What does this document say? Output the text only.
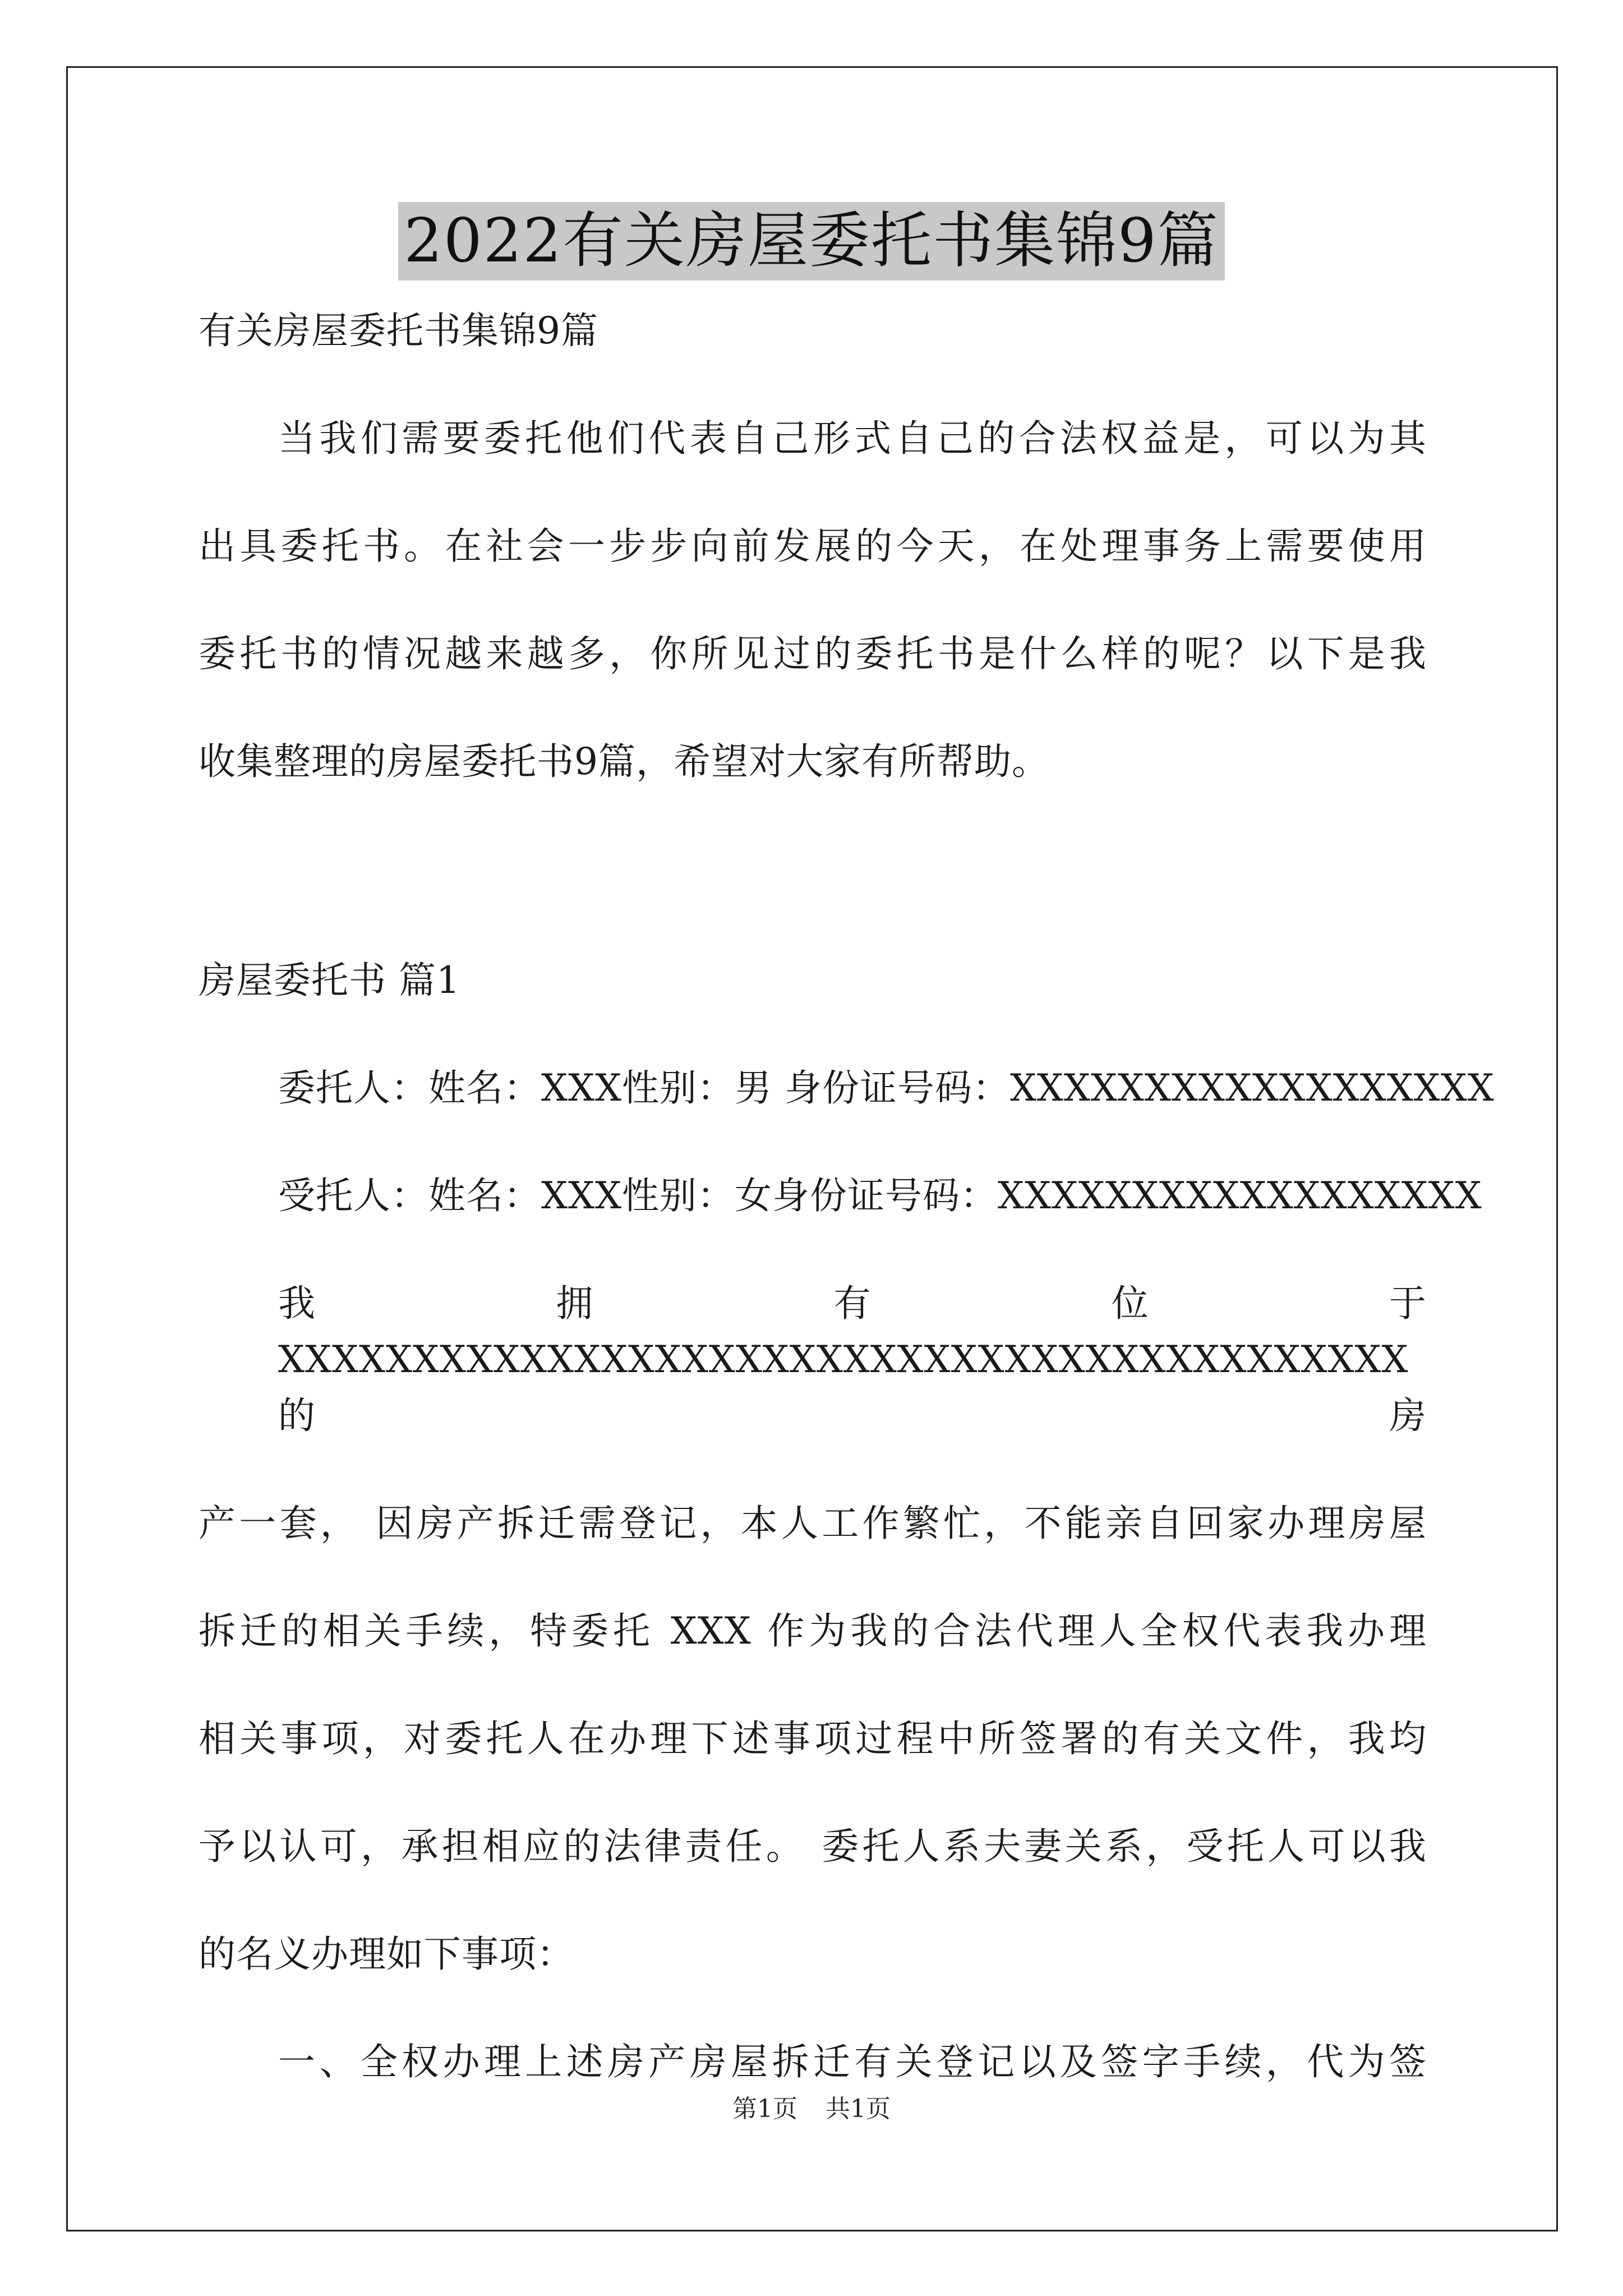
2022有关房屋委托书集锦9篇

有关房屋委托书集锦9篇

当我们需要委托他们代表自己形式自己的合法权益是，可以为其

出具委托书。在社会一步步向前发展的今天，在处理事务上需要使用

委托书的情况越来越多，你所见过的委托书是什么样的呢？以下是我

收集整理的房屋委托书9篇，希望对大家有所帮助。

房屋委托书 篇1

委托人：姓名：XXX性别：男 身份证号码：XXXXXXXXXXXXXXXXXX

受托人：姓名：XXX性别：女身份证号码：XXXXXXXXXXXXXXXXXX

我拥有位于 XXXXXXXXXXXXXXXXXXXXXXXXXXXXXXXXXXXXXXXXXX 的房

产一套， 因房产拆迁需登记，本人工作繁忙，不能亲自回家办理房屋

拆迁的相关手续，特委托 XXX 作为我的合法代理人全权代表我办理

相关事项，对委托人在办理下述事项过程中所签署的有关文件，我均

予以认可，承担相应的法律责任。 委托人系夫妻关系，受托人可以我

的名义办理如下事项：

一、全权办理上述房产房屋拆迁有关登记以及签字手续，代为签

第1页 共1页
